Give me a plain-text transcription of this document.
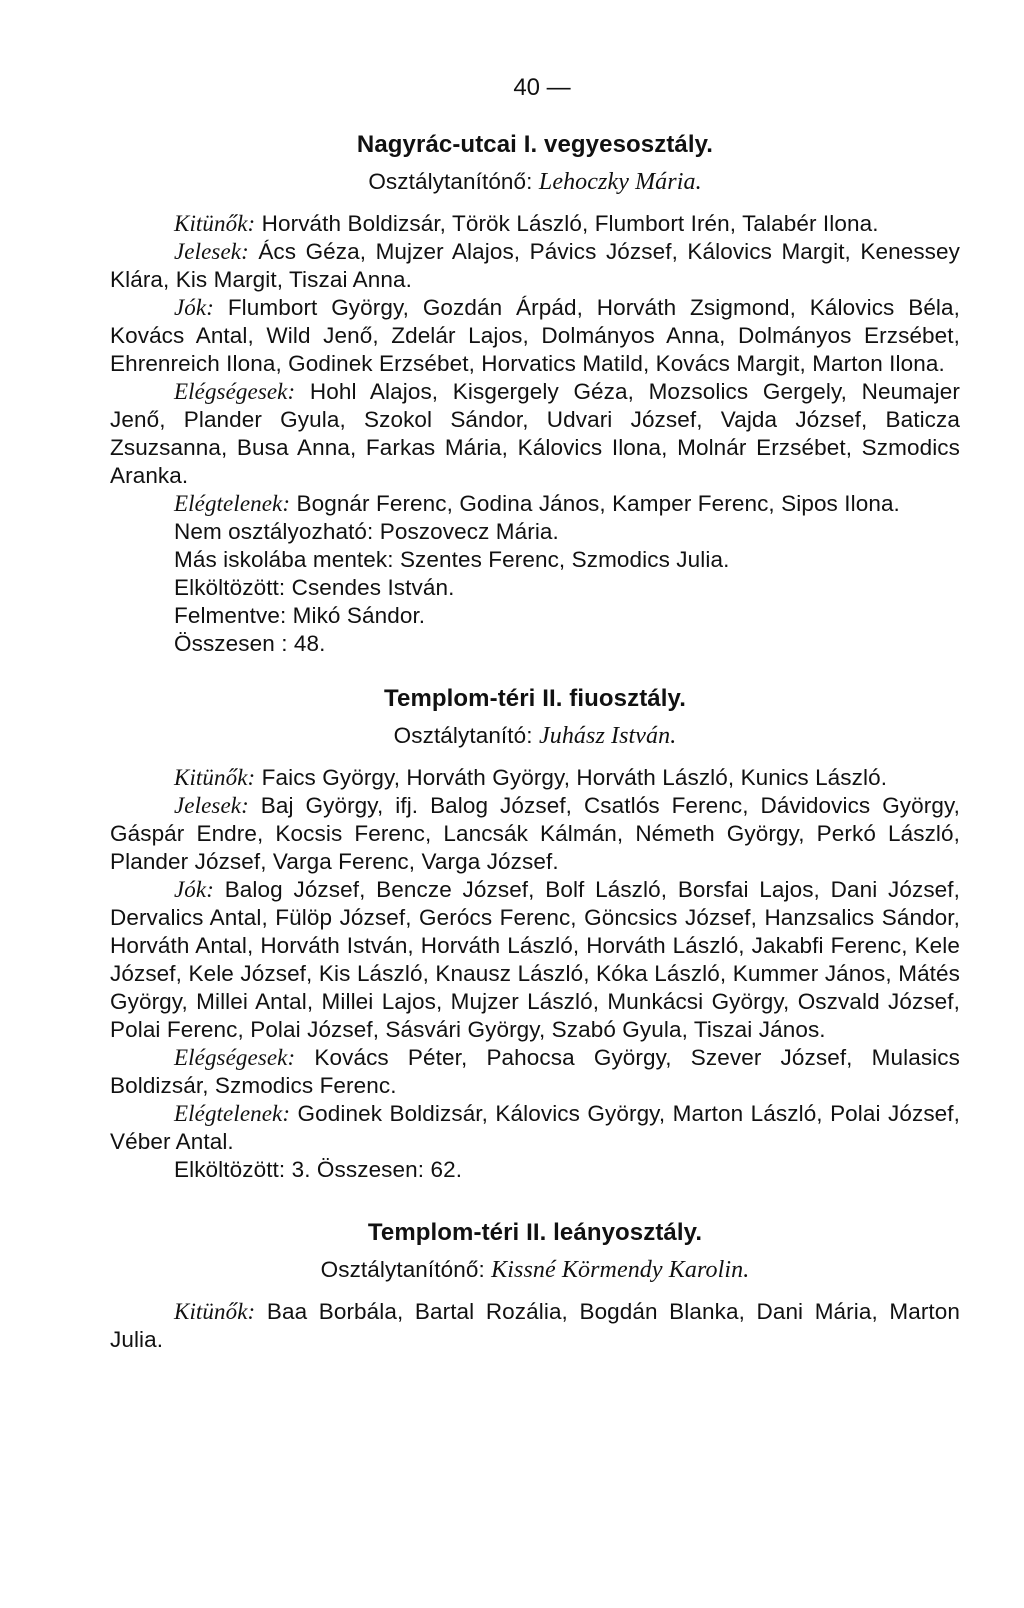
40 —
Nagyrác-utcai I. vegyesosztály.
Osztálytanítónő: Lehoczky Mária.

Kitünők: Horváth Boldizsár, Török László, Flumbort Irén, Talabér Ilona.

Jelesek: Ács Géza, Mujzer Alajos, Pávics József, Kálovics Margit, Kenessey Klára, Kis Margit, Tiszai Anna.

Jók: Flumbort György, Gozdán Árpád, Horváth Zsigmond, Kálovics Béla, Kovács Antal, Wild Jenő, Zdelár Lajos, Dolmányos Anna, Dolmányos Erzsébet, Ehrenreich Ilona, Godinek Erzsébet, Horvatics Matild, Kovács Margit, Marton Ilona.

Elégségesek: Hohl Alajos, Kisgergely Géza, Mozsolics Gergely, Neumajer Jenő, Plander Gyula, Szokol Sándor, Udvari József, Vajda József, Baticza Zsuzsanna, Busa Anna, Farkas Mária, Kálovics Ilona, Molnár Erzsébet, Szmodics Aranka.

Elégtelenek: Bognár Ferenc, Godina János, Kamper Ferenc, Sipos Ilona.

Nem osztályozható: Poszovecz Mária.

Más iskolába mentek: Szentes Ferenc, Szmodics Julia.

Elköltözött: Csendes István.

Felmentve: Mikó Sándor.

Összesen : 48.

Templom-téri II. fiuosztály.
Osztálytanító: Juhász István.

Kitünők: Faics György, Horváth György, Horváth László, Kunics László.

Jelesek: Baj György, ifj. Balog József, Csatlós Ferenc, Dávidovics György, Gáspár Endre, Kocsis Ferenc, Lancsák Kálmán, Németh György, Perkó László, Plander József, Varga Ferenc, Varga József.

Jók: Balog József, Bencze József, Bolf László, Borsfai Lajos, Dani József, Dervalics Antal, Fülöp József, Gerócs Ferenc, Göncsics József, Hanzsalics Sándor, Horváth Antal, Horváth István, Horváth László, Horváth László, Jakabfi Ferenc, Kele József, Kele József, Kis László, Knausz László, Kóka László, Kummer János, Mátés György, Millei Antal, Millei Lajos, Mujzer László, Munkácsi György, Oszvald József, Polai Ferenc, Polai József, Sásvári György, Szabó Gyula, Tiszai János.

Elégségesek: Kovács Péter, Pahocsa György, Szever József, Mulasics Boldizsár, Szmodics Ferenc.

Elégtelenek: Godinek Boldizsár, Kálovics György, Marton László, Polai József, Véber Antal.

Elköltözött: 3. Összesen: 62.

Templom-téri II. leányosztály.
Osztálytanítónő: Kissné Körmendy Karolin.

Kitünők: Baa Borbála, Bartal Rozália, Bogdán Blanka, Dani Mária, Marton Julia.
